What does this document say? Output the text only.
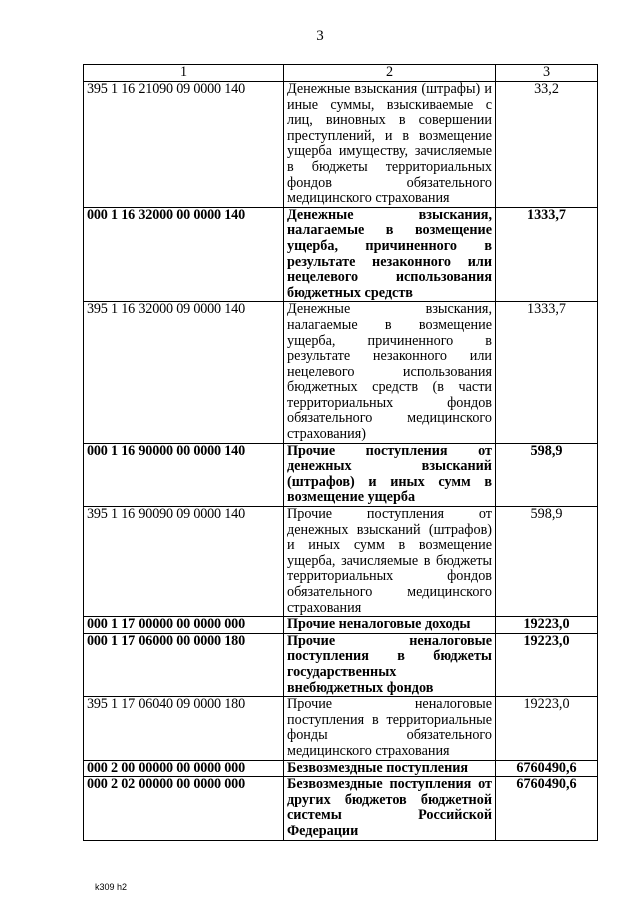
3
1	2	3
395 1 16 21090 09 0000 140	Денежные взыскания (штрафы) и иные суммы, взыскиваемые с лиц, виновных в совершении преступлений, и в возмещение ущерба имуществу, зачисляемые в бюджеты территориальных фондов обязательного медицинского страхования	33,2
000 1 16 32000 00 0000 140	Денежные взыскания, налагаемые в возмещение ущерба, причиненного в результате незаконного или нецелевого использования бюджетных средств	1333,7
395 1 16 32000 09 0000 140	Денежные взыскания, налагаемые в возмещение ущерба, причиненного в результате незаконного или нецелевого использования бюджетных средств (в части территориальных фондов обязательного медицинского страхования)	1333,7
000 1 16 90000 00 0000 140	Прочие поступления от денежных взысканий (штрафов) и иных сумм в возмещение ущерба	598,9
395 1 16 90090 09 0000 140	Прочие поступления от денежных взысканий (штрафов) и иных сумм в возмещение ущерба, зачисляемые в бюджеты территориальных фондов обязательного медицинского страхования	598,9
000 1 17 00000 00 0000 000	Прочие неналоговые доходы	19223,0
000 1 17 06000 00 0000 180	Прочие неналоговые поступления в бюджеты государственных внебюджетных фондов	19223,0
395 1 17 06040 09 0000 180	Прочие неналоговые поступления в территориальные фонды обязательного медицинского страхования	19223,0
000 2 00 00000 00 0000 000	Безвозмездные поступления	6760490,6
000 2 02 00000 00 0000 000	Безвозмездные поступления от других бюджетов бюджетной системы Российской Федерации	6760490,6
k309 h2
